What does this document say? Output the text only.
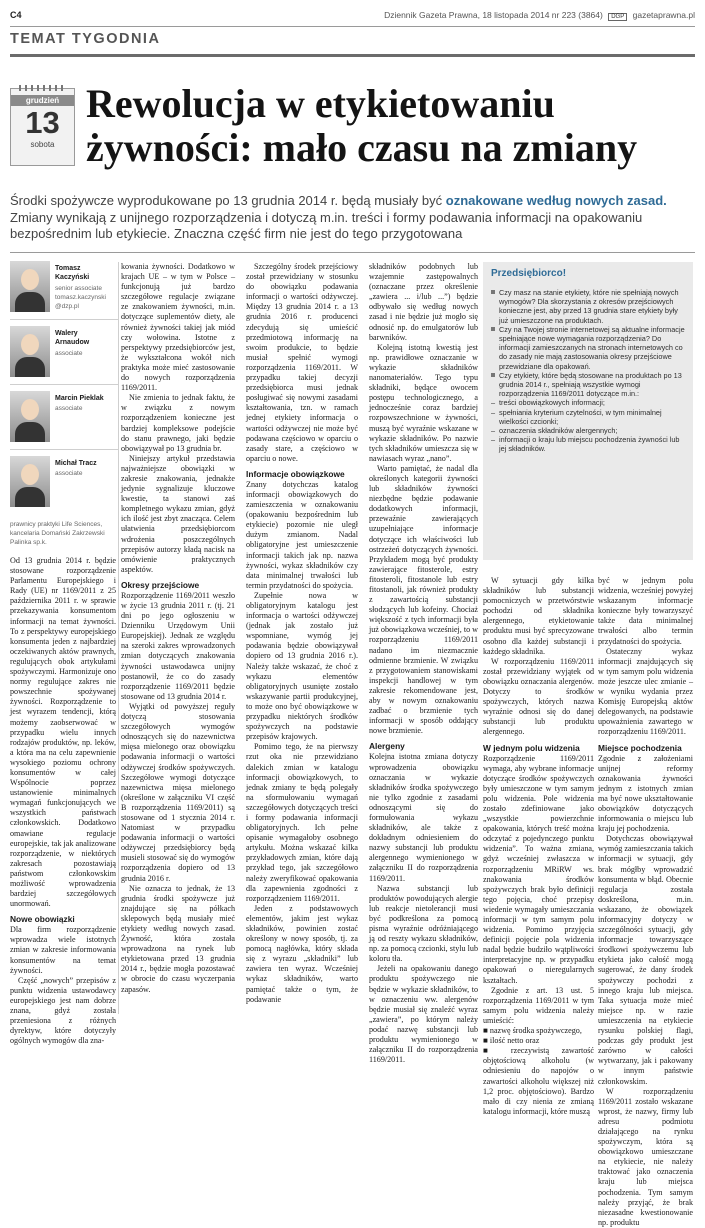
C4	Dziennik Gazeta Prawna, 18 listopada 2014 nr 223 (3864) DGP gazetaprawna.pl
TEMAT TYGODNIA
grudzień
13
sobota
Rewolucja w etykietowaniu
żywności: mało czasu na zmiany
Środki spożywcze wyprodukowane po 13 grudnia 2014 r. będą musiały być oznakowane według nowych zasad. Zmiany wynikają z unijnego rozporządzenia i dotyczą m.in. treści i formy podawania informacji na opakowaniu bezpośrednim lub etykiecie. Znaczna część firm nie jest do tego przygotowana
Tomasz
Kaczyński
senior associate
tomasz.kaczynski @dzp.pl
Walery
Arnaudow
associate
Marcin Pieklak
associate
Michał Tracz
associate
prawnicy praktyki Life Sciences, kancelaria Domański Zakrzewski Palinka sp.k.

Od 13 grudnia 2014 r. będzie stosowane rozporządzenie Parlamentu Europejskiego i Rady (UE) nr 1169/2011 z 25 października 2011 r. w sprawie przekazywania konsumentom informacji na temat żywności. To z perspektywy europejskiego konsumenta jeden z najbardziej oczekiwanych aktów prawnych, regulujących obok artykułami spożywczymi. Harmonizuje ono normy regulujące zakres nie powszechnie spożywanej żywności. Rozporządzenie to jest wyrazem tendencji, którą możemy zaobserwować w przypadku wielu innych rodzajów produktów, np. leków, a która ma na celu zapewnienie wysokiego poziomu ochrony konsumentów w całej Wspólnocie poprzez ustanowienie minimalnych wymagań funkcjonujących we wszystkich państwach członkowskich. Dodatkowo omawiane regulacje europejskie, tak jak analizowane rozporządzenie, w niektórych zakresach pozostawiają państwom członkowskim możliwość wprowadzenia bardziej szczegółowych unormowań.

Nowe obowiązki

Dla firm rozporządzenie wprowadza wiele istotnych zmian w zakresie informowania konsumentów na temat żywności.

Część „nowych” przepisów z punktu widzenia ustawodawcy europejskiego jest nam dobrze znana, gdyż została przeniesiona z różnych dyrektyw, które dotyczyły ogólnych wymogów dla zna-

kowania żywności. Dodatkowo w krajach UE – w tym w Polsce – funkcjonują już bardzo szczegółowe regulacje związane ze znakowaniem żywności, m.in. dotyczące suplementów diety, ale również żywności takiej jak miód czy wołowina. Istotne z perspektywy przedsiębiorców jest, że wykształcona wokół nich praktyka może mieć zastosowanie do nowych rozporządzenia 1169/2011.

Nie zmienia to jednak faktu, że w związku z nowym rozporządzeniem konieczne jest bardziej kompleksowe podejście do stanu prawnego, jaki będzie obowiązywał po 13 grudnia br.

Niniejszy artykuł przedstawia najważniejsze obowiązki w zakresie znakowania, jednakże jedynie sygnalizuje kluczowe kwestie, ta stanowi zaś kompletnego wykazu zmian, gdyż ich ilość jest zbyt znacząca. Celem ułatwienia przedsiębiorcom wdrożenia poszczególnych przepisów autorzy kładą nacisk na omówienie praktycznych aspektów.

Okresy przejściowe

Rozporządzenie 1169/2011 weszło w życie 13 grudnia 2011 r. (tj. 21 dni po jego ogłoszeniu w Dzienniku Urzędowym Unii Europejskiej). Jednak ze względu na szeroki zakres wprowadzonych zmian dotyczących znakowania żywności ustawodawca unijny postanowił, że co do zasady rozporządzenie 1169/2011 będzie stosowane od 13 grudnia 2014 r.

Wyjątki od powyższej reguły dotyczą stosowania szczegółowych wymogów odnoszących się do nazewnictwa mięsa mielonego oraz obowiązku podawania informacji o wartości odżywczej środków spożywczych. Szczegółowe wymogi dotyczące nazewnictwa mięsa mielonego (określone w załączniku VI część B rozporządzenia 1169/2011) są stosowane od 1 stycznia 2014 r. Natomiast w przypadku podawania informacji o wartości odżywczej przedsiębiorcy będą musieli stosować się do wymogów rozporządzenia dopiero od 13 grudnia 2016 r.

Nie oznacza to jednak, że 13 grudnia środki spożywcze już znajdujące się na półkach sklepowych będą musiały mieć etykiety według nowych zasad. Żywność, która została wprowadzona na rynek lub etykietowana przed 13 grudnia 2014 r., będzie mogła pozostawać w obrocie do czasu wyczerpania zapasów.

Szczególny środek przejściowy został przewidziany w stosunku do obowiązku podawania informacji o wartości odżywczej. Między 13 grudnia 2014 r. a 13 grudnia 2016 r. producenci zdecydują się umieścić przedmiotową informację na swoim produkcie, to będzie musiał spełnić wymogi rozporządzenia 1169/2011. W przypadku takiej decyzji przedsiębiorca musi jednak posługiwać się nowymi zasadami kształtowania, tzn. w ramach jednej etykiety informacja o wartości odżywczej nie może być podawana częściowo w oparciu o zasady stare, a częściowo w oparciu o nowe.

Informacje obowiązkowe

Znany dotychczas katalog informacji obowiązkowych do zamieszczenia w oznakowaniu (opakowaniu bezpośrednim lub etykiecie) pozornie nie uległ dużym zmianom. Nadal obligatoryjne jest umieszczenie informacji takich jak np. nazwa żywności, wykaz składników czy data minimalnej trwałości lub termin przydatności do spożycia.

Zupełnie nowa w obligatoryjnym katalogu jest informacja o wartości odżywczej (jednak jak zostało już wspomniane, wymóg jej podawania będzie obowiązywał dopiero od 13 grudnia 2016 r.). Należy także wskazać, że choć z wykazu elementów obligatoryjnych usunięte zostało wskazywanie partii produkcyjnej, to może ono być obowiązkowe w przypadku niektórych środków spożywczych na podstawie przepisów krajowych.

Pomimo tego, że na pierwszy rzut oka nie przewidziano dalekich zmian w katalogu informacji obowiązkowych, to jednak zmiany te będą polegały na sformułowaniu wymagań szczegółowych dotyczących treści i formy podawania informacji obligatoryjnych. Ich pełne opisanie wymagałoby osobnego artykułu. Można wskazać kilka przykładowych zmian, które dają przykład tego, jak szczegółowo należy zweryfikować opakowania dla zapewnienia zgodności z rozporządzeniem 1169/2011.

Jeden z podstawowych elementów, jakim jest wykaz składników, powinien zostać określony w nowy sposób, tj. za pomocą nagłówka, który składa się z wyrazu „składniki” lub zawiera ten wyraz. Wcześniej wykaz składników, warto pamiętać także o tym, że podawanie

składników podobnych lub wzajemnie zastępowalnych (oznaczane przez określenie „zawiera ... i/lub ...”) będzie odbywało się według nowych zasad i nie będzie już mogło się odnosić np. do emulgatorów lub barwników.

Kolejną istotną kwestią jest np. prawidłowe oznaczanie w wykazie składników nanomateriałów. Tego typu składniki, będące owocem postępu technologicznego, a jednocześnie coraz bardziej rozpowszechnione w żywności, muszą być wyraźnie wskazane w wykazie składników. Po nazwie tych składników umieszcza się w nawiasach wyraz „nano”.

Warto pamiętać, że nadal dla określonych kategorii żywności lub składników żywności niezbędne będzie podawanie dodatkowych informacji, przewaźnie zawierających uzupełniające informacje dotyczące ich właściwości lub ostrzeżeń dotyczących żywności. Przykładem mogą być produkty zawierające fitosterole, estry fitosteroli, fitostanole lub estry fitostanoli, jak również produkty z zawartością substancji słodzących lub kofeiny. Chociaż większość z tych informacji była już obowiązkowa wcześniej, to w rozporządzeniu 1169/2011 nadano im niezmacznie odmienne brzmienie. W związku z przygotowaniem stanowiskami inspekcji handlowej w tym zakresie rekomendowane jest, aby w nowym oznakowaniu zadbać o brzmienie tych informacji w sposób oddający nowe brzmienie.

Alergeny

Kolejna istotna zmiana dotyczy wprowadzenia obowiązku oznaczania w wykazie składników środka spożywczego nie tylko zgodnie z zasadami odnoszącymi się do formułowania wykazu składników, ale także z dokładnym odniesieniem do nazwy substancji lub produktu alergennego wymienionego w załączniku II do rozporządzenia 1169/2011.

Nazwa substancji lub produktów powodujących alergie lub reakcje nietolerancji musi być podkreślona za pomocą pisma wyraźnie odróżniającego ją od reszty wykazu składników, np. za pomocą czcionki, stylu lub koloru tła.

Jeżeli na opakowaniu danego produktu spożywczego nie będzie w wykazie składników, to w oznaczeniu ww. alergenów będzie musiał się znaleźć wyraz „zawiera”, po którym należy podać nazwę substancji lub produktu wymienionego w załączniku II do rozporządzenia 1169/2011.

Przedsiębiorco!
Czy masz na stanie etykiety, które nie spełniają nowych wymogów? Dla skorzystania z okresów przejściowych konieczne jest, aby przed 13 grudnia stare etykiety były już umieszczone na produktach.
Czy na Twojej stronie internetowej są aktualne informacje spełniające nowe wymagania rozporządzenia? Do informacji zamieszczanych na stronach internetowych co do zasady nie mają zastosowania okresy przejściowe przewidziane dla opakowań.
Czy etykiety, które będą stosowane na produktach po 13 grudnia 2014 r., spełniają wszystkie wymogi rozporządzenia 1169/2011 dotyczące m.in.:
– treści obowiązkowych informacji;
– spełniania kryterium czytelności, w tym minimalnej wielkości czcionki;
– oznaczenia składników alergennych;
– informacji o kraju lub miejscu pochodzenia żywności lub jej składników.

W sytuacji gdy kilka składników lub substancji pomocniczych w przetwórstwie pochodzi od składnika alergennego, etykietowanie produktu musi być sprecyzowane osobno dla każdej substancji i każdego składnika.

W rozporządzeniu 1169/2011 został przewidziany wyjątek od obowiązku oznaczania alergenów. Dotyczy to środków spożywczych, których nazwa wyraźnie odnosi się do danej substancji lub produktu alergennego.

W jednym polu widzenia

Rozporządzenie 1169/2011 wymaga, aby wybrane informacje dotyczące środków spożywczych były umieszczone w tym samym polu widzenia. Pole widzenia zostało zdefiniowane jako „wszystkie powierzchnie opakowania, których treść można odczytać z pojedynczego punktu widzenia”. To ważna zmiana, gdyż wcześniej zwłaszcza w rozporządzeniu MRiRW ws. znakowania środków spożywczych brak było definicji tego pojęcia, choć przepisy wiedenie wymagały umieszczania informacji w tym samym polu widzenia. Pomimo przyjęcia definicji pojęcie pola widzenia nadal będzie budziło wątpliwości interpretacyjne np. w przypadku opakowań o nieregularnych kształtach.

Zgodnie z art. 13 ust. 5 rozporządzenia 1169/2011 w tym samym polu widzenia należy umieścić:

■ nazwę środka spożywczego,

■ ilość netto oraz

■ rzeczywistą zawartość objętościową alkoholu (w odniesieniu do napojów o zawartości alkoholu większej niż 1,2 proc. objętościowo). Bardzo mało di czy nienia ze zmianą katalogu informacji, które muszą

być w jednym polu widzenia, wcześniej powyżej wskazanym informacje konieczne były towarzyszyć także data minimalnej trwałości albo termin przydatności do spożycia.

Ostateczny wykaz informacji znajdujących się w tym samym polu widzenia może jeszcze ulec zmianie – w wyniku wydania przez Komisję Europejską aktów delegowanych, na podstawie upoważnienia zawartego w rozporządzeniu 1169/2011.

Miejsce pochodzenia

Zgodnie z założeniami unijnej reformy oznakowania żywności jednym z istotnych zmian ma być nowe ukształtowanie obowiązków dotyczących informowania o miejscu lub kraju jej pochodzenia.

Dotychczas obowiązywał wymóg zamieszczania takich informacji w sytuacji, gdy brak mógłby wprowadzić konsumenta w błąd. Obecnie regulacja została doskreślona, m.in. wskazano, że obowiązek informacyjny dotyczy w szczególności sytuacji, gdy informacje towarzyszące środkowi spożywczemu lub etykieta jako całość mogą sugerować, że dany środek spożywczy pochodzi z innego kraju lub miejsca. Taka sytuacja może mieć miejsce np. w razie umieszczenia na etykiecie rysunku polskiej flagi, podczas gdy produkt jest zarówno w całości wytwarzany, jak i pakowany w innym państwie członkowskim.

W rozporządzeniu 1169/2011 zostało wskazane wprost, że nazwy, firmy lub adresu podmiotu działającego na rynku spożywczym, która są obowiązkowo umieszczane na etykiecie, nie należy traktować jako oznaczenia kraju lub miejsca pochodzenia. Tym samym należy przyjąć, że brak niezasadne kwestionowanie np. produktu
